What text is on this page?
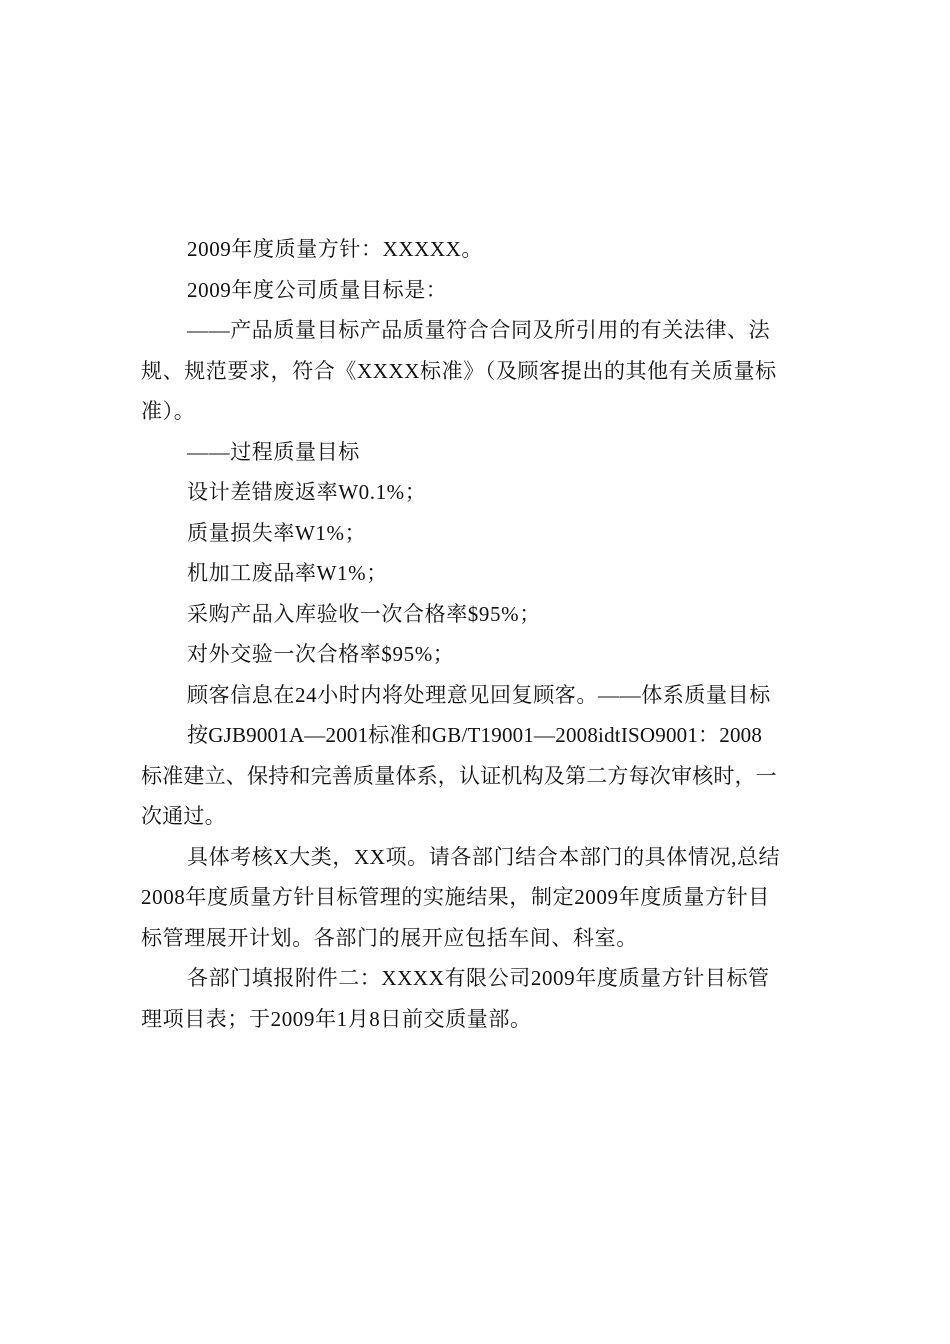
2009年度质量方针：XXXXX。

2009年度公司质量目标是：

——产品质量目标产品质量符合合同及所引用的有关法律、法规、规范要求，符合《XXXX标准》（及顾客提出的其他有关质量标准）。

——过程质量目标

设计差错废返率W0.1%；

质量损失率W1%；

机加工废品率W1%；

采购产品入库验收一次合格率$95%；

对外交验一次合格率$95%；

顾客信息在24小时内将处理意见回复顾客。——体系质量目标

按GJB9001A—2001标准和GB/T19001—2008idtISO9001：2008标准建立、保持和完善质量体系，认证机构及第二方每次审核时，一次通过。

具体考核X大类，XX项。请各部门结合本部门的具体情况,总结2008年度质量方针目标管理的实施结果，制定2009年度质量方针目标管理展开计划。各部门的展开应包括车间、科室。

各部门填报附件二：XXXX有限公司2009年度质量方针目标管理项目表；于2009年1月8日前交质量部。
